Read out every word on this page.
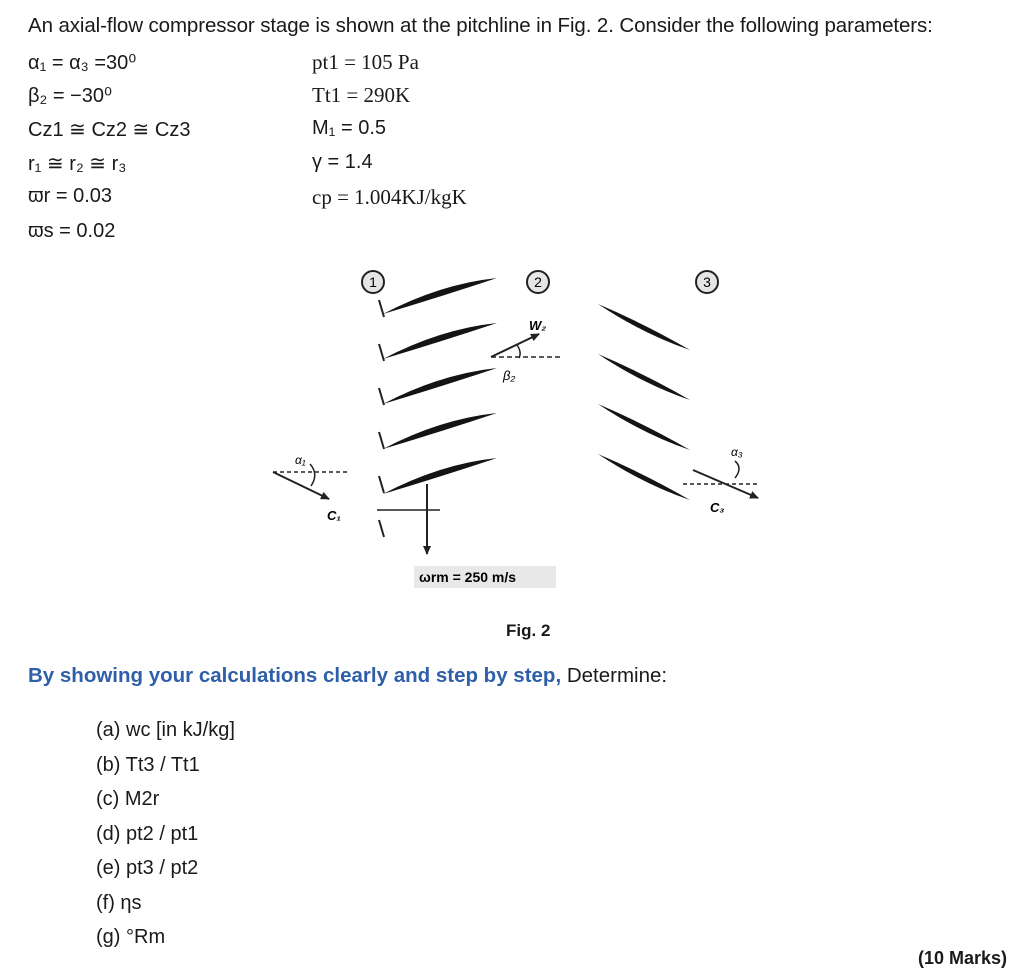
An axial-flow compressor stage is shown at the pitchline in Fig. 2. Consider the following parameters:
α₁ = α₃ =30⁰
β₂ = −30⁰
Cz1 ≅ Cz2 ≅ Cz3
r₁ ≅ r₂ ≅ r₃
ϖr = 0.03
ϖs = 0.02
pt1 = 105 Pa
Tt1 = 290K
M₁ = 0.5
γ = 1.4
cp = 1.004KJ/kgK
1	2	3
W₂
β₂
α₁
C₁
α₃
C₃
ωrm = 250 m/s
Fig. 2
By showing your calculations clearly and step by step, Determine:
(a) wc [in kJ/kg]
(b) Tt3 / Tt1
(c) M2r
(d) pt2 / pt1
(e) pt3 / pt2
(f) ηs
(g) °Rm
(10 Marks)
